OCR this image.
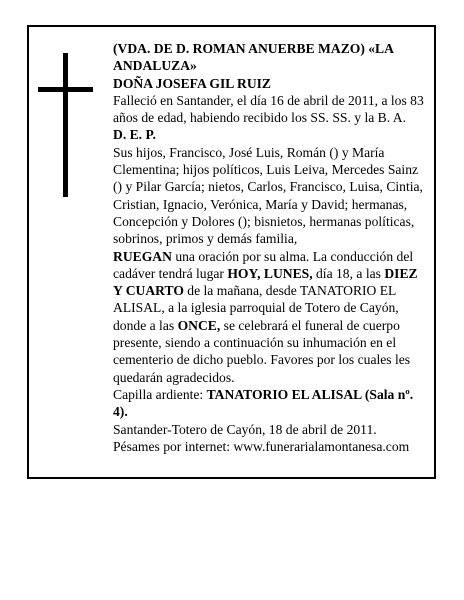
(VDA. DE D. ROMAN ANUERBE MAZO) «LA ANDALUZA»

DOÑA JOSEFA GIL RUIZ

Falleció en Santander, el día 16 de abril de 2011, a los 83 años de edad, habiendo recibido los SS. SS. y la B. A.

D. E. P.

Sus hijos, Francisco, José Luis, Román () y María Clementina; hijos políticos, Luis Leiva, Mercedes Sainz () y Pilar García; nietos, Carlos, Francisco, Luisa, Cintia, Cristian, Ignacio, Verónica, María y David; hermanas, Concepción y Dolores (); bisnietos, hermanas políticas, sobrinos, primos y demás familia,

RUEGAN una oración por su alma. La conducción del cadáver tendrá lugar HOY, LUNES, día 18, a las DIEZ Y CUARTO de la mañana, desde TANATORIO EL ALISAL, a la iglesia parroquial de Totero de Cayón, donde a las ONCE, se celebrará el funeral de cuerpo presente, siendo a continuación su inhumación en el cementerio de dicho pueblo. Favores por los cuales les quedarán agradecidos.

Capilla ardiente: TANATORIO EL ALISAL (Sala nº. 4).

Santander-Totero de Cayón, 18 de abril de 2011.

Pésames por internet: www.funerarialamontanesa.com
